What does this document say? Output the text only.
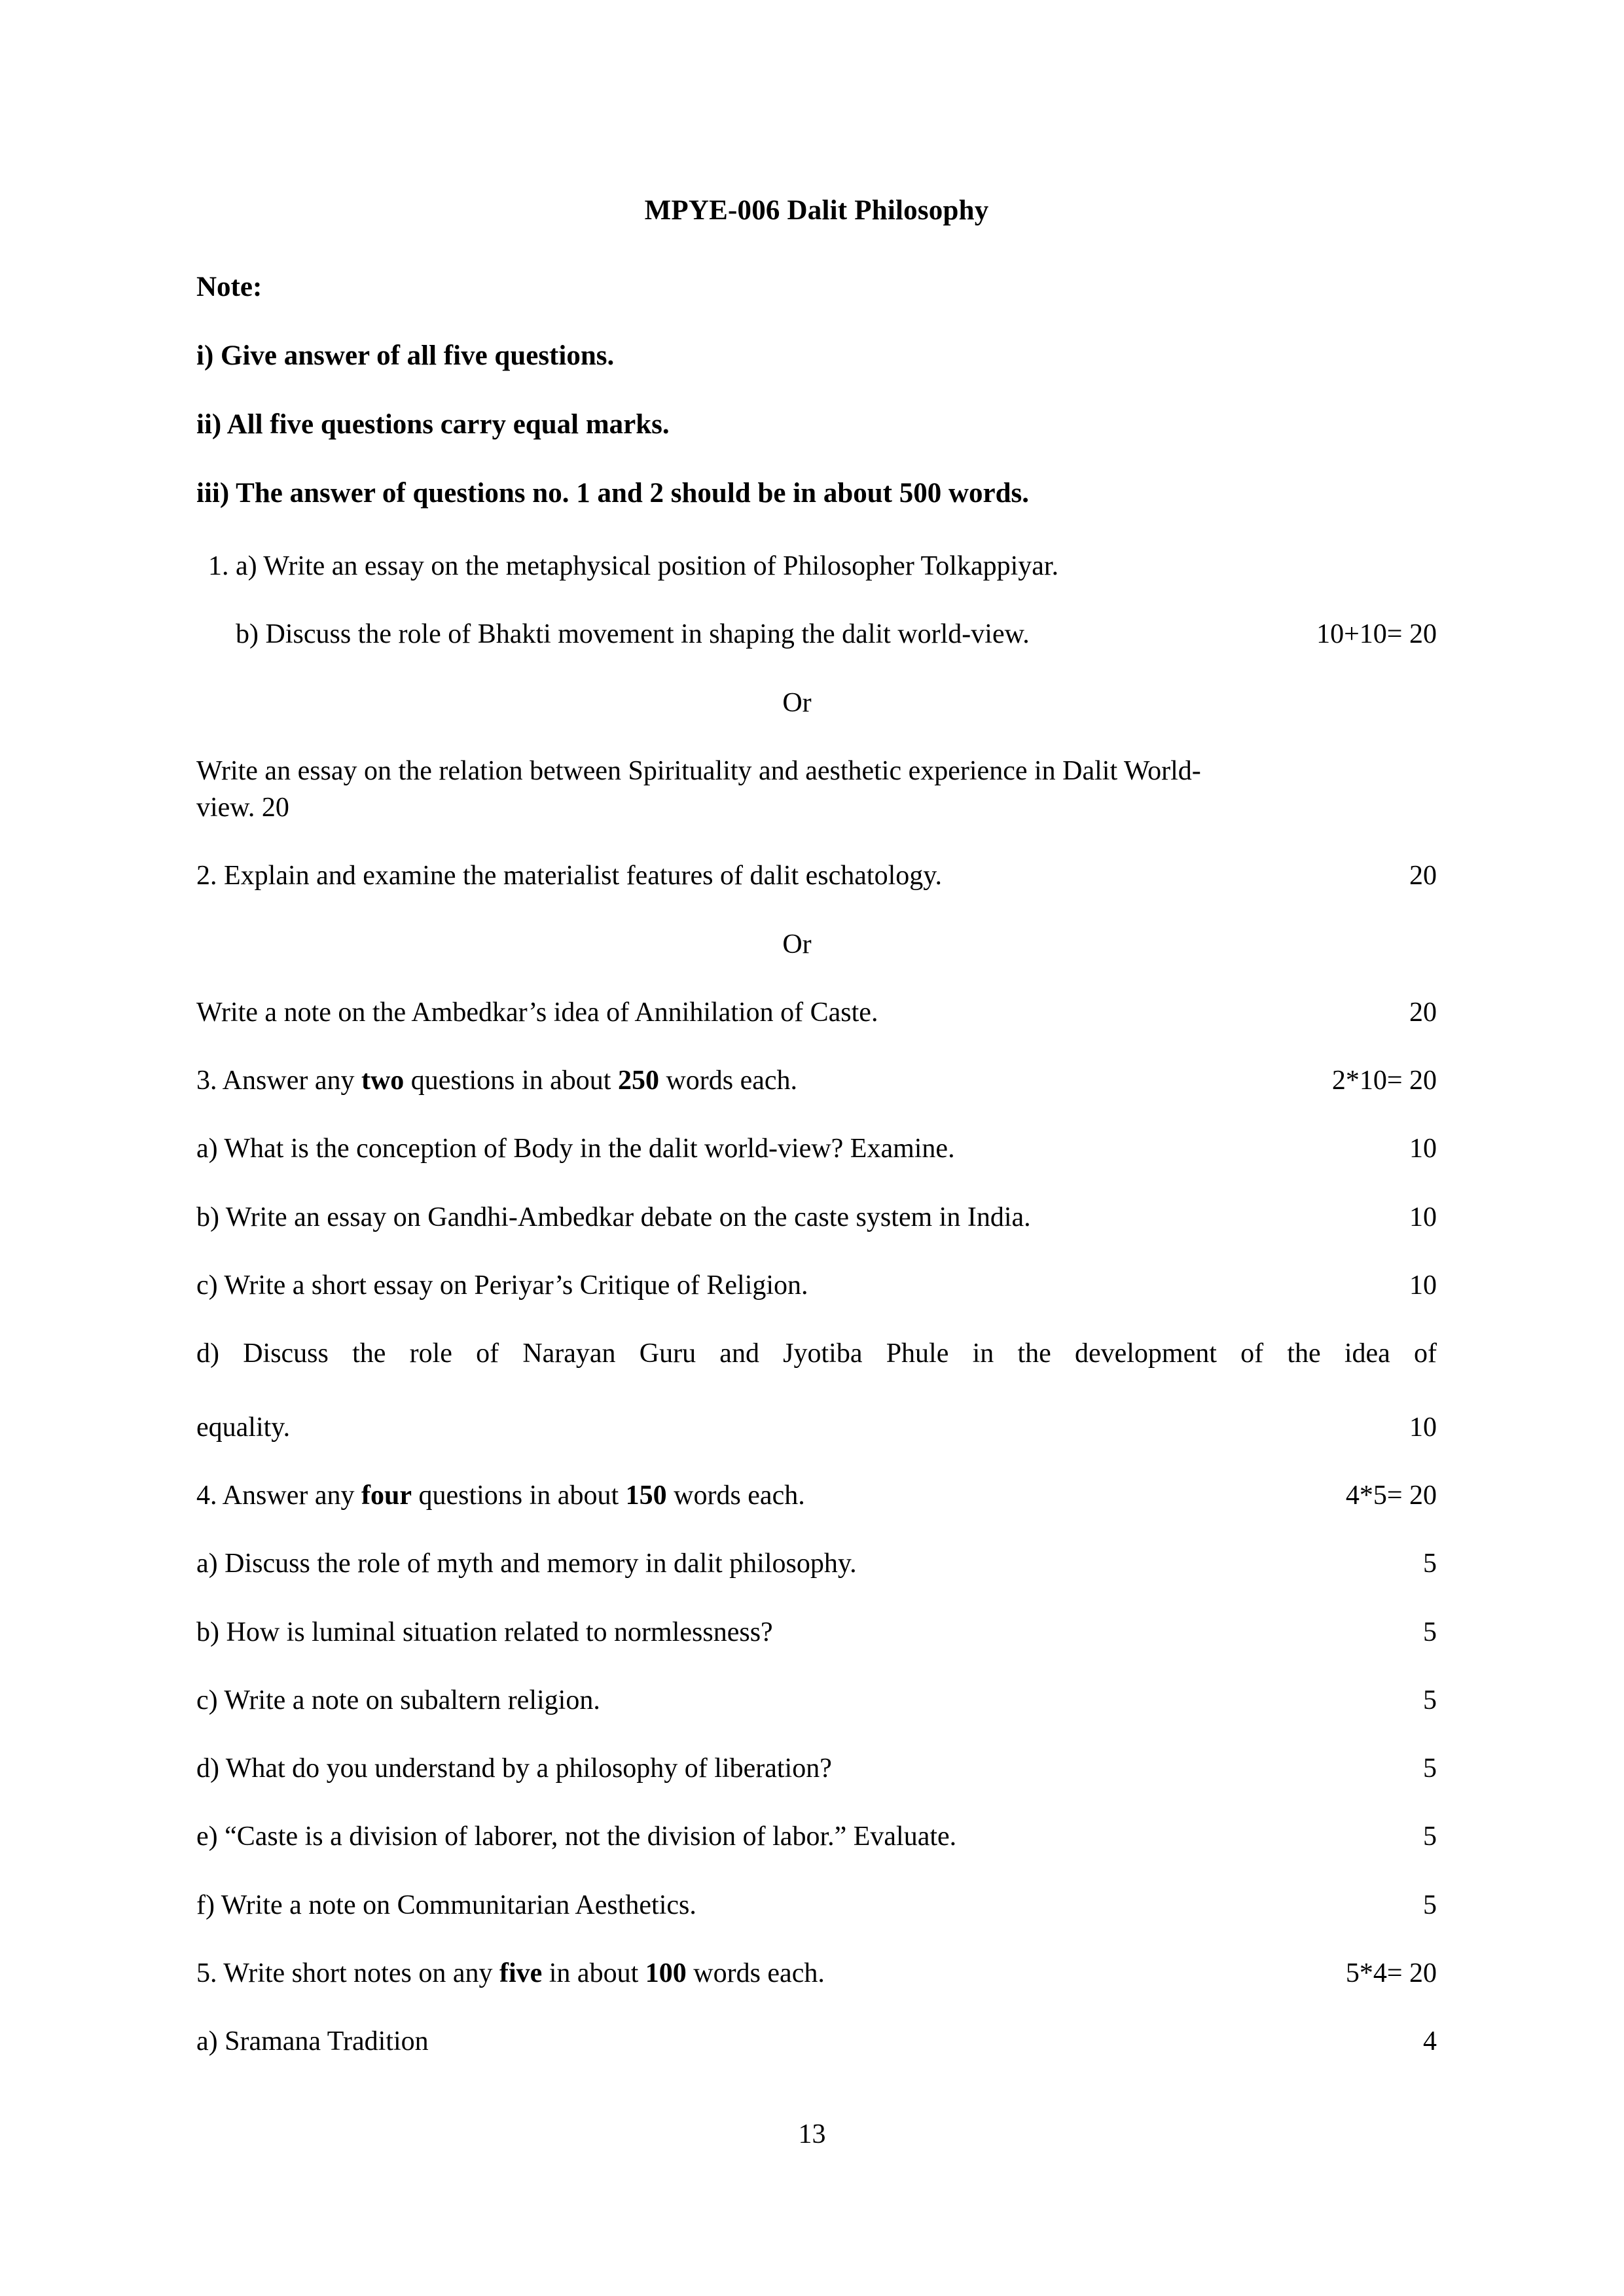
MPYE-006 Dalit Philosophy
Note:
i) Give answer of all five questions.
ii) All five questions carry equal marks.
iii) The answer of questions no. 1 and 2 should be in about 500 words.
1. a) Write an essay on the metaphysical position of Philosopher Tolkappiyar.
10+10= 20
b) Discuss the role of Bhakti movement in shaping the dalit world-view.
Or
Write an essay on the relation between Spirituality and aesthetic experience in Dalit World-
view. 20
20
2. Explain and examine the materialist features of dalit eschatology.
Or
20
Write a note on the Ambedkar’s idea of Annihilation of Caste.
2*10= 20
3. Answer any two questions in about 250 words each.
10
a) What is the conception of Body in the dalit world-view? Examine.
10
b) Write an essay on Gandhi-Ambedkar debate on the caste system in India.
10
c) Write a short essay on Periyar’s Critique of Religion.
d) Discuss the role of Narayan Guru and Jyotiba Phule in the development of the idea of
equality.	10
4*5= 20
4. Answer any four questions in about 150 words each.
5
a) Discuss the role of myth and memory in dalit philosophy.
5
b) How is luminal situation related to normlessness?
5
c) Write a note on subaltern religion.
5
d) What do you understand by a philosophy of liberation?
5
e) “Caste is a division of laborer, not the division of labor.” Evaluate.
5
f) Write a note on Communitarian Aesthetics.
5*4= 20
5. Write short notes on any five in about 100 words each.
4
a) Sramana Tradition
13
